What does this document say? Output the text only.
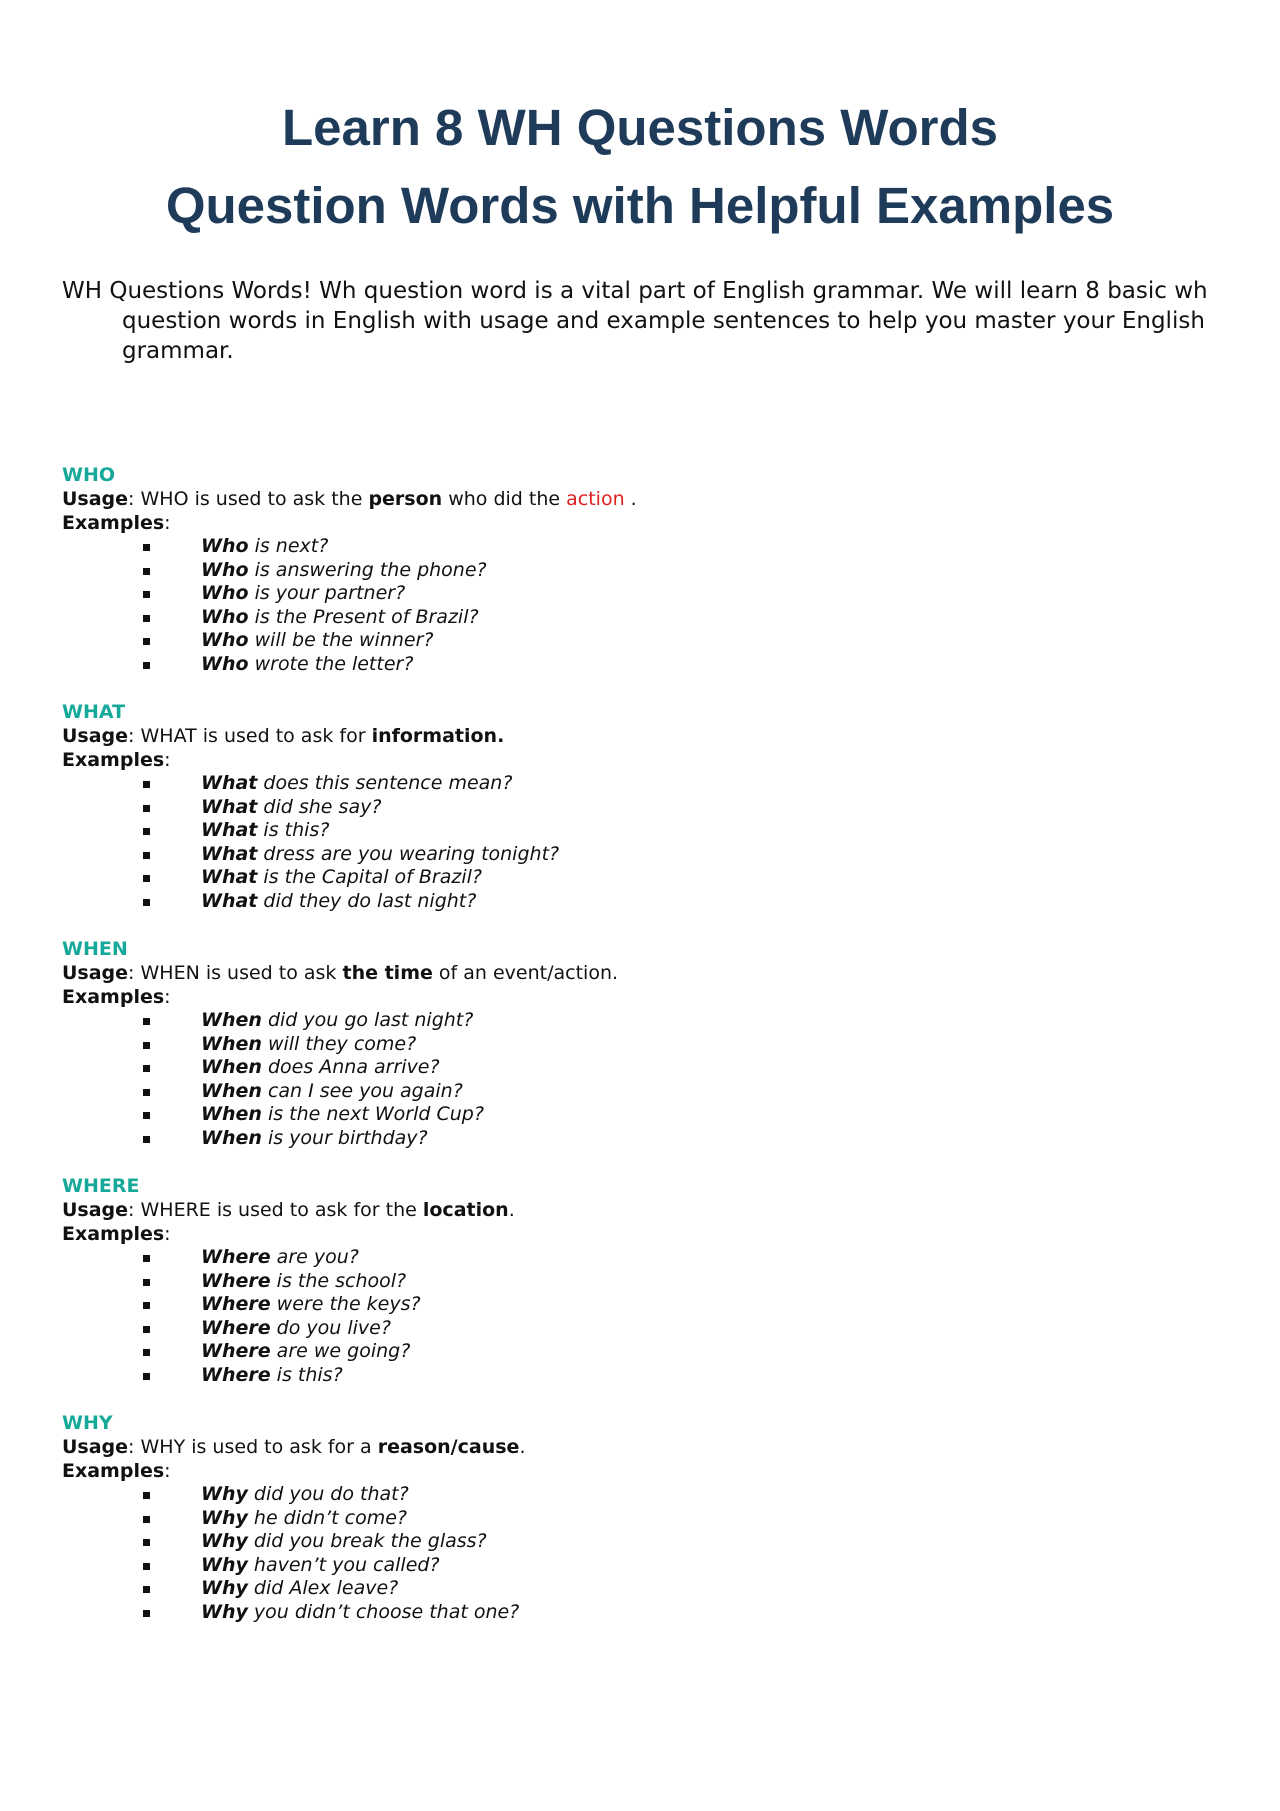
Learn 8 WH Questions Words
Question Words with Helpful Examples

WH Questions Words! Wh question word is a vital part of English grammar. We will learn 8 basic wh question words in English with usage and example sentences to help you master your English grammar.

WHO
Usage: WHO is used to ask the person who did the action .
Examples:
Who is next?
Who is answering the phone?
Who is your partner?
Who is the Present of Brazil?
Who will be the winner?
Who wrote the letter?
WHAT
Usage: WHAT is used to ask for information.
Examples:
What does this sentence mean?
What did she say?
What is this?
What dress are you wearing tonight?
What is the Capital of Brazil?
What did they do last night?
WHEN
Usage: WHEN is used to ask the time of an event/action.
Examples:
When did you go last night?
When will they come?
When does Anna arrive?
When can I see you again?
When is the next World Cup?
When is your birthday?
WHERE
Usage: WHERE is used to ask for the location.
Examples:
Where are you?
Where is the school?
Where were the keys?
Where do you live?
Where are we going?
Where is this?
WHY
Usage: WHY is used to ask for a reason/cause.
Examples:
Why did you do that?
Why he didn’t come?
Why did you break the glass?
Why haven’t you called?
Why did Alex leave?
Why you didn’t choose that one?
